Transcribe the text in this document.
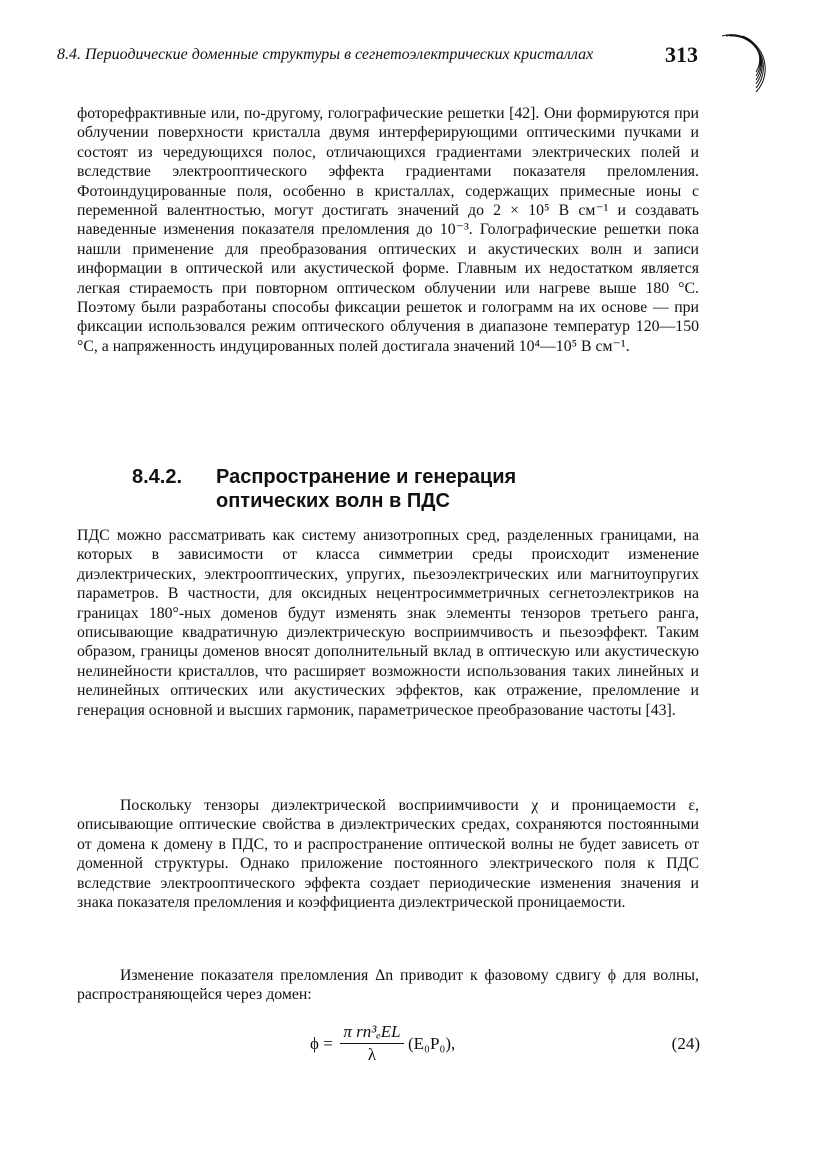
8.4. Периодические доменные структуры в сегнетоэлектрических кристаллах	313

фоторефрактивные или, по-другому, голографические решетки [42]. Они формируются при облучении поверхности кристалла двумя интерферирующими оптическими пучками и состоят из чередующихся полос, отличающихся градиентами электрических полей и вследствие электрооптического эффекта градиентами показателя преломления. Фотоиндуцированные поля, особенно в кристаллах, содержащих примесные ионы с переменной валентностью, могут достигать значений до 2 × 10⁵ В см⁻¹ и создавать наведенные изменения показателя преломления до 10⁻³. Голографические решетки пока нашли применение для преобразования оптических и акустических волн и записи информации в оптической или акустической форме. Главным их недостатком является легкая стираемость при повторном оптическом облучении или нагреве выше 180 °С. Поэтому были разработаны способы фиксации решеток и голограмм на их основе — при фиксации использовался режим оптического облучения в диапазоне температур 120—150 °С, а напряженность индуцированных полей достигала значений 10⁴—10⁵ В см⁻¹.

8.4.2. Распространение и генерация
оптических волн в ПДС

ПДС можно рассматривать как систему анизотропных сред, разделенных границами, на которых в зависимости от класса симметрии среды происходит изменение диэлектрических, электрооптических, упругих, пьезоэлектрических или магнитоупругих параметров. В частности, для оксидных нецентросимметричных сегнетоэлектриков на границах 180°-ных доменов будут изменять знак элементы тензоров третьего ранга, описывающие квадратичную диэлектрическую восприимчивость и пьезоэффект. Таким образом, границы доменов вносят дополнительный вклад в оптическую или акустическую нелинейности кристаллов, что расширяет возможности использования таких линейных и нелинейных оптических или акустических эффектов, как отражение, преломление и генерация основной и высших гармоник, параметрическое преобразование частоты [43].

Поскольку тензоры диэлектрической восприимчивости χ и проницаемости ε, описывающие оптические свойства в диэлектрических средах, сохраняются постоянными от домена к домену в ПДС, то и распространение оптической волны не будет зависеть от доменной структуры. Однако приложение постоянного электрического поля к ПДС вследствие электрооптического эффекта создает периодические изменения значения и знака показателя преломления и коэффициента диэлектрической проницаемости.

Изменение показателя преломления Δn приводит к фазовому сдвигу ϕ для волны, распространяющейся через домен:

ϕ =
π rn³ₑEL
λ
(E₀P₀),	(24)
